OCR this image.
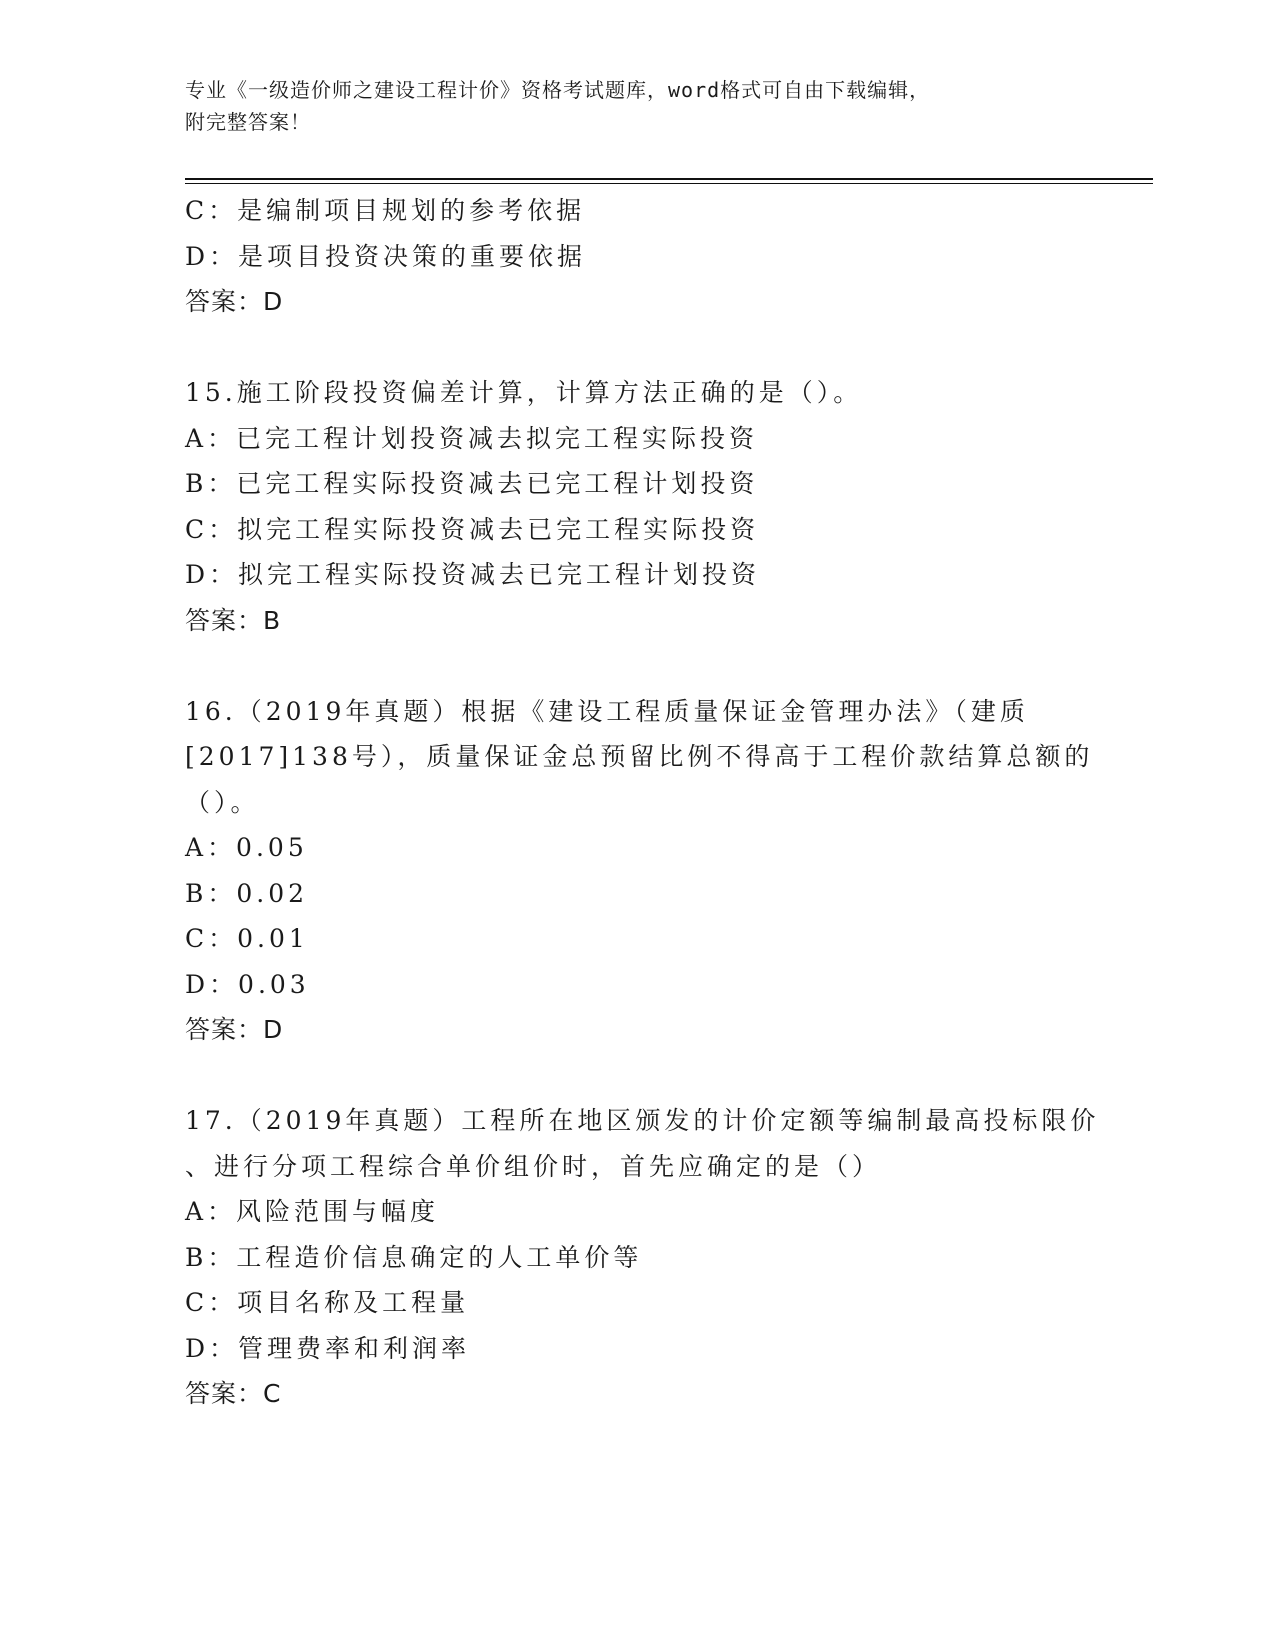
专业《一级造价师之建设工程计价》资格考试题库，word格式可自由下载编辑，
附完整答案！
C：是编制项目规划的参考依据
D：是项目投资决策的重要依据
答案：D
15.施工阶段投资偏差计算，计算方法正确的是（）。
A：已完工程计划投资减去拟完工程实际投资
B：已完工程实际投资减去已完工程计划投资
C：拟完工程实际投资减去已完工程实际投资
D：拟完工程实际投资减去已完工程计划投资
答案：B
16.（2019年真题）根据《建设工程质量保证金管理办法》（建质
[2017]138号），质量保证金总预留比例不得高于工程价款结算总额的
（）。
A：0.05
B：0.02
C：0.01
D：0.03
答案：D
17.（2019年真题）工程所在地区颁发的计价定额等编制最高投标限价
、进行分项工程综合单价组价时，首先应确定的是（）
A：风险范围与幅度
B：工程造价信息确定的人工单价等
C：项目名称及工程量
D：管理费率和利润率
答案：C
